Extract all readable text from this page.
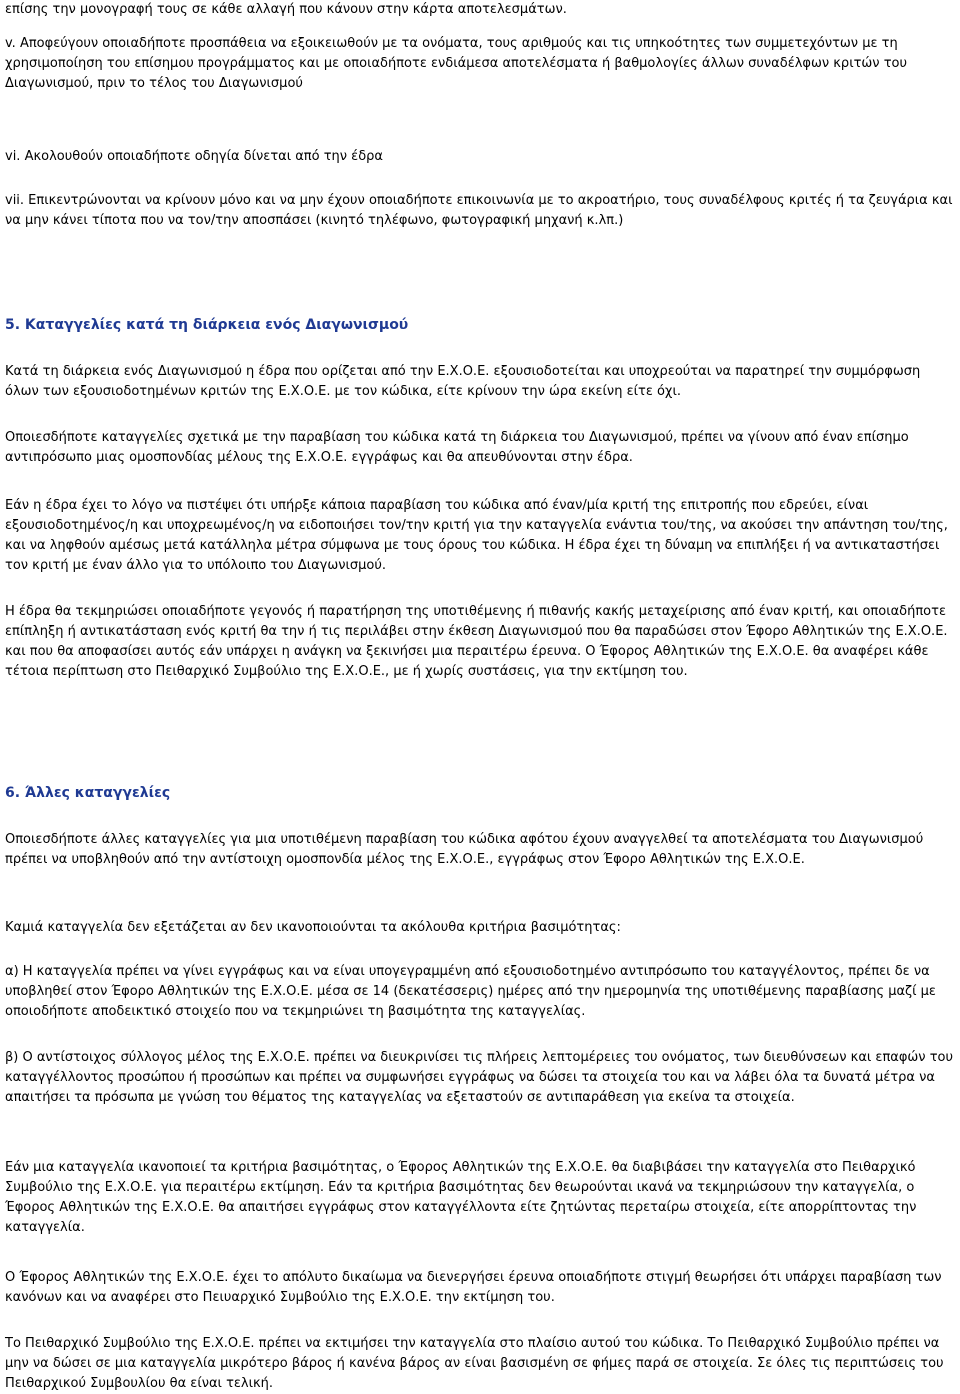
επίσης την μονογραφή τους σε κάθε αλλαγή που κάνουν στην κάρτα αποτελεσμάτων.

v. Αποφεύγουν οποιαδήποτε προσπάθεια να εξοικειωθούν με τα ονόματα, τους αριθμούς και τις υπηκοότητες των συμμετεχόντων με τη χρησιμοποίηση του επίσημου προγράμματος και με οποιαδήποτε ενδιάμεσα αποτελέσματα ή βαθμολογίες άλλων συναδέλφων κριτών του Διαγωνισμού, πριν το τέλος του Διαγωνισμού

vi. Ακολουθούν οποιαδήποτε οδηγία δίνεται από την έδρα

vii. Επικεντρώνονται να κρίνουν μόνο και να μην έχουν οποιαδήποτε επικοινωνία με το ακροατήριο, τους συναδέλφους κριτές ή τα ζευγάρια και να μην κάνει τίποτα που να τον/την αποσπάσει (κινητό τηλέφωνο, φωτογραφική μηχανή κ.λπ.)

5. Καταγγελίες κατά τη διάρκεια ενός Διαγωνισμού

Κατά τη διάρκεια ενός Διαγωνισμού η έδρα που ορίζεται από την Ε.Χ.Ο.Ε. εξουσιοδοτείται και υποχρεούται να παρατηρεί την συμμόρφωση όλων των εξουσιοδοτημένων κριτών της Ε.Χ.Ο.Ε. με τον κώδικα, είτε κρίνουν την ώρα εκείνη είτε όχι.

Οποιεσδήποτε καταγγελίες σχετικά με την παραβίαση του κώδικα κατά τη διάρκεια του Διαγωνισμού, πρέπει να γίνουν από έναν επίσημο αντιπρόσωπο μιας ομοσπονδίας μέλους της Ε.Χ.Ο.Ε. εγγράφως και θα απευθύνονται στην έδρα.

Εάν η έδρα έχει το λόγο να πιστέψει ότι υπήρξε κάποια παραβίαση του κώδικα από έναν/μία κριτή της επιτροπής που εδρεύει, είναι εξουσιοδοτημένος/η και υποχρεωμένος/η να ειδοποιήσει τον/την κριτή για την καταγγελία ενάντια του/της, να ακούσει την απάντηση του/της, και να ληφθούν αμέσως μετά κατάλληλα μέτρα σύμφωνα με τους όρους του κώδικα. Η έδρα έχει τη δύναμη να επιπλήξει ή να αντικαταστήσει τον κριτή με έναν άλλο για το υπόλοιπο του Διαγωνισμού.

Η έδρα θα τεκμηριώσει οποιαδήποτε γεγονός ή παρατήρηση της υποτιθέμενης ή πιθανής κακής μεταχείρισης από έναν κριτή, και οποιαδήποτε επίπληξη ή αντικατάσταση ενός κριτή θα την ή τις περιλάβει στην έκθεση Διαγωνισμού που θα παραδώσει στον Έφορο Αθλητικών της Ε.Χ.Ο.Ε. και που θα αποφασίσει αυτός εάν υπάρχει η ανάγκη να ξεκινήσει μια περαιτέρω έρευνα. Ο Έφορος Αθλητικών της Ε.Χ.Ο.Ε. θα αναφέρει κάθε τέτοια περίπτωση στο Πειθαρχικό Συμβούλιο της Ε.Χ.Ο.Ε., με ή χωρίς συστάσεις, για την εκτίμηση του.

6. Άλλες καταγγελίες

Οποιεσδήποτε άλλες καταγγελίες για μια υποτιθέμενη παραβίαση του κώδικα αφότου έχουν αναγγελθεί τα αποτελέσματα του Διαγωνισμού πρέπει να υποβληθούν από την αντίστοιχη ομοσπονδία μέλος της Ε.Χ.Ο.Ε., εγγράφως στον Έφορο Αθλητικών της Ε.Χ.Ο.Ε.

Καμιά καταγγελία δεν εξετάζεται αν δεν ικανοποιούνται τα ακόλουθα κριτήρια βασιμότητας:

α) Η καταγγελία πρέπει να γίνει εγγράφως και να είναι υπογεγραμμένη από εξουσιοδοτημένο αντιπρόσωπο του καταγγέλοντος, πρέπει δε να υποβληθεί στον Έφορο Αθλητικών της Ε.Χ.Ο.Ε. μέσα σε 14 (δεκατέσσερις) ημέρες από την ημερομηνία της υποτιθέμενης παραβίασης μαζί με οποιοδήποτε αποδεικτικό στοιχείο που να τεκμηριώνει τη βασιμότητα της καταγγελίας.

β) Ο αντίστοιχος σύλλογος μέλος της Ε.Χ.Ο.Ε. πρέπει να διευκρινίσει τις πλήρεις λεπτομέρειες του ονόματος, των διευθύνσεων και επαφών του καταγγέλλοντος προσώπου ή προσώπων και πρέπει να συμφωνήσει εγγράφως να δώσει τα στοιχεία του και να λάβει όλα τα δυνατά μέτρα να απαιτήσει τα πρόσωπα με γνώση του θέματος της καταγγελίας να εξεταστούν σε αντιπαράθεση για εκείνα τα στοιχεία.

Εάν μια καταγγελία ικανοποιεί τα κριτήρια βασιμότητας, ο Έφορος Αθλητικών της Ε.Χ.Ο.Ε. θα διαβιβάσει την καταγγελία στο Πειθαρχικό Συμβούλιο της Ε.Χ.Ο.Ε. για περαιτέρω εκτίμηση. Εάν τα κριτήρια βασιμότητας δεν θεωρούνται ικανά να τεκμηριώσουν την καταγγελία, ο Έφορος Αθλητικών της Ε.Χ.Ο.Ε. θα απαιτήσει εγγράφως στον καταγγέλλοντα είτε ζητώντας περεταίρω στοιχεία, είτε απορρίπτοντας την καταγγελία.

Ο Έφορος Αθλητικών της Ε.Χ.Ο.Ε. έχει το απόλυτο δικαίωμα να διενεργήσει έρευνα οποιαδήποτε στιγμή θεωρήσει ότι υπάρχει παραβίαση των κανόνων και να αναφέρει στο Πειυαρχικό Συμβούλιο της Ε.Χ.Ο.Ε. την εκτίμηση του.

Το Πειθαρχικό Συμβούλιο της Ε.Χ.Ο.Ε. πρέπει να εκτιμήσει την καταγγελία στο πλαίσιο αυτού του κώδικα. Το Πειθαρχικό Συμβούλιο πρέπει να μην να δώσει σε μια καταγγελία μικρότερο βάρος ή κανένα βάρος αν είναι βασισμένη σε φήμες παρά σε στοιχεία. Σε όλες τις περιπτώσεις του Πειθαρχικού Συμβουλίου θα είναι τελική.
